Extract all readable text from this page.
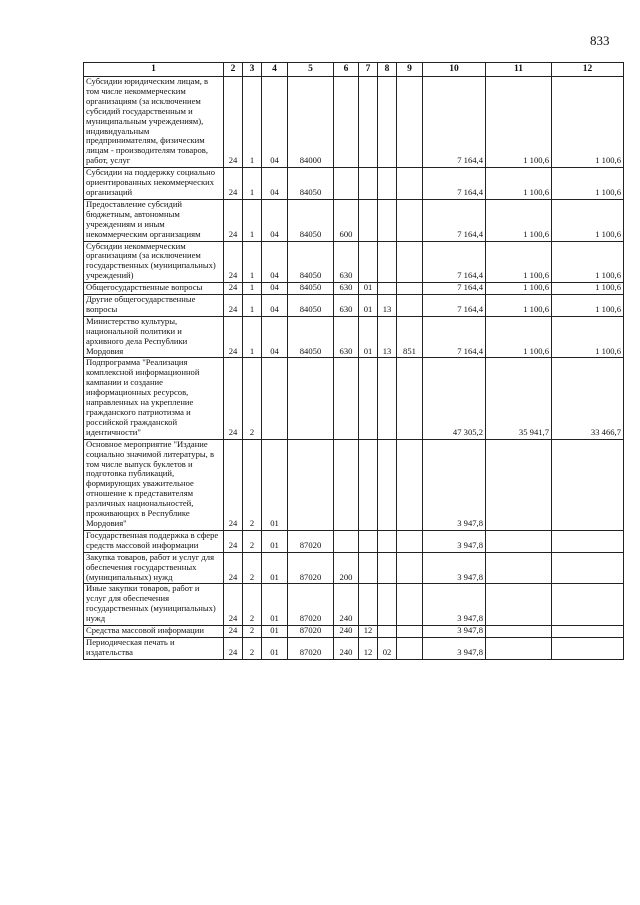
833
1	2	3	4	5	6	7	8	9	10	11	12
Субсидии юридическим лицам, в том числе некоммерческим организациям (за исключением субсидий государственным и муниципальным учреждениям), индивидуальным предпринимателям, физическим лицам - производителям товаров, работ, услуг	24	1	04	84000					7 164,4	1 100,6	1 100,6
Субсидии на поддержку социально ориентированных некоммерческих организаций	24	1	04	84050					7 164,4	1 100,6	1 100,6
Предоставление субсидий бюджетным, автономным учреждениям и иным некоммерческим организациям	24	1	04	84050	600				7 164,4	1 100,6	1 100,6
Субсидии некоммерческим организациям (за исключением государственных (муниципальных) учреждений)	24	1	04	84050	630				7 164,4	1 100,6	1 100,6
Общегосударственные вопросы	24	1	04	84050	630	01			7 164,4	1 100,6	1 100,6
Другие общегосударственные вопросы	24	1	04	84050	630	01	13		7 164,4	1 100,6	1 100,6
Министерство культуры, национальной политики и архивного дела Республики Мордовия	24	1	04	84050	630	01	13	851	7 164,4	1 100,6	1 100,6
Подпрограмма "Реализация комплексной информационной кампании и создание информационных ресурсов, направленных на укрепление гражданского патриотизма и российской гражданской идентичности"	24	2							47 305,2	35 941,7	33 466,7
Основное мероприятие "Издание социально значимой литературы, в том числе выпуск буклетов и подготовка публикаций, формирующих уважительное отношение к представителям различных национальностей, проживающих в Республике Мордовия"	24	2	01						3 947,8		
Государственная поддержка в сфере средств массовой информации	24	2	01	87020					3 947,8		
Закупка товаров, работ и услуг для обеспечения государственных (муниципальных) нужд	24	2	01	87020	200				3 947,8		
Иные закупки товаров, работ и услуг для обеспечения государственных (муниципальных) нужд	24	2	01	87020	240				3 947,8		
Средства массовой информации	24	2	01	87020	240	12			3 947,8		
Периодическая печать и издательства	24	2	01	87020	240	12	02		3 947,8		
